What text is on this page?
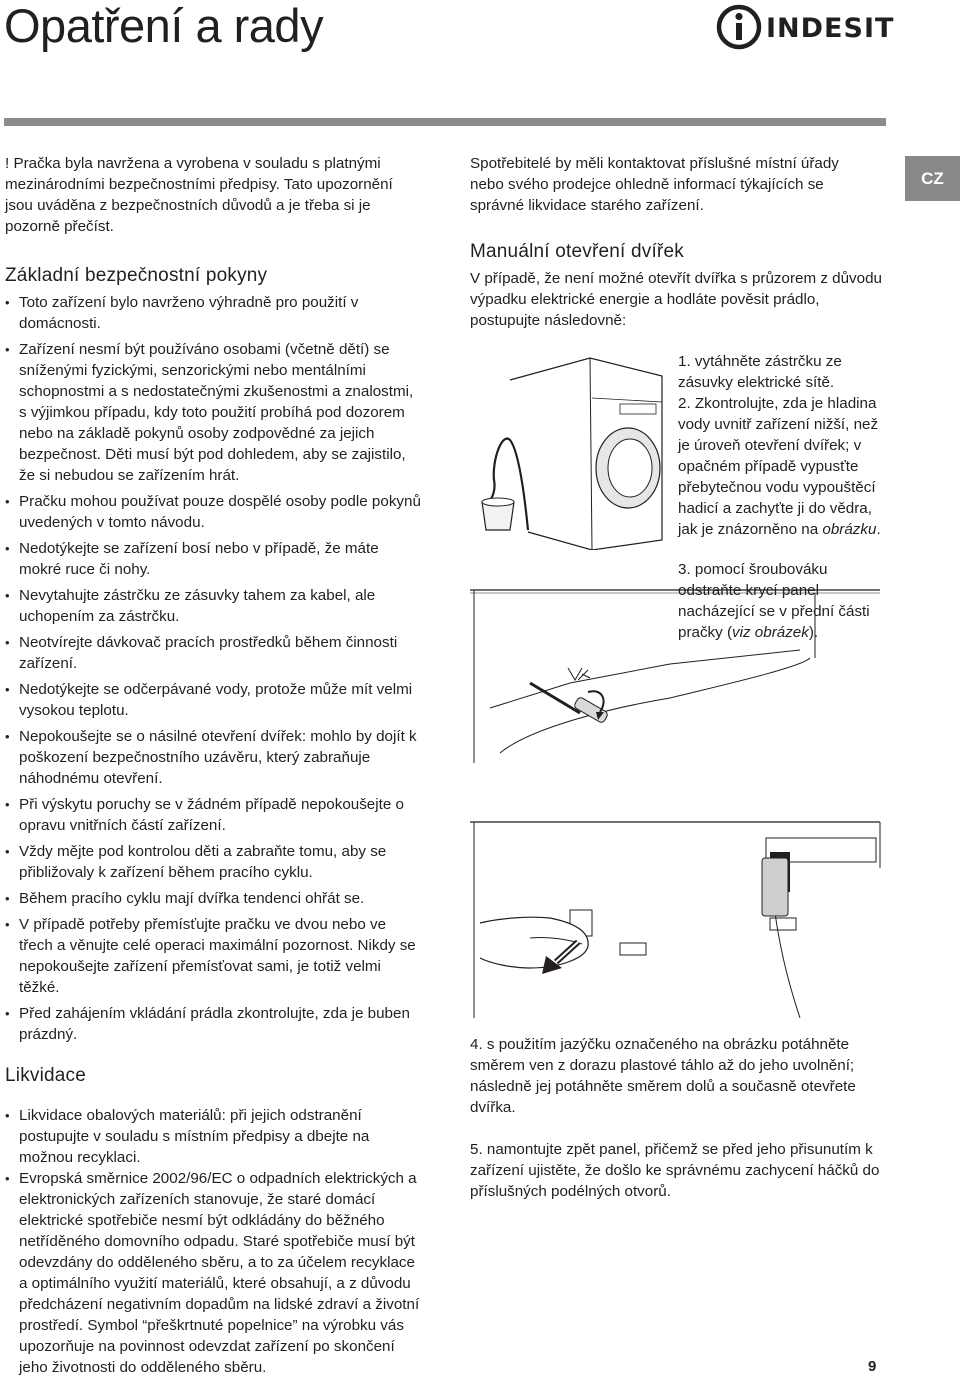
Opatření a rady	INDESIT
CZ

! Pračka byla navržena a vyrobena v souladu s platnými mezinárodními bezpečnostními předpisy. Tato upozornění jsou uváděna z bezpečnostních důvodů a je třeba si je pozorně přečíst.

Základní bezpečnostní pokyny
• Toto zařízení bylo navrženo výhradně pro použití v domácnosti.
• Zařízení nesmí být používáno osobami (včetně dětí) se sníženými fyzickými, senzorickými nebo mentálními schopnostmi a s nedostatečnými zkušenostmi a znalostmi, s výjimkou případu, kdy toto použití probíhá pod dozorem nebo na základě pokynů osoby zodpovědné za jejich bezpečnost. Děti musí být pod dohledem, aby se zajistilo, že si nebudou se zařízením hrát.
• Pračku mohou používat pouze dospělé osoby podle pokynů uvedených v tomto návodu.
• Nedotýkejte se zařízení bosí nebo v případě, že máte mokré ruce či nohy.
• Nevytahujte zástrčku ze zásuvky tahem za kabel, ale uchopením za zástrčku.
• Neotvírejte dávkovač pracích prostředků během činnosti zařízení.
• Nedotýkejte se odčerpávané vody, protože může mít velmi vysokou teplotu.
• Nepokoušejte se o násilné otevření dvířek: mohlo by dojít k poškození bezpečnostního uzávěru, který zabraňuje náhodnému otevření.
• Při výskytu poruchy se v žádném případě nepokoušejte o opravu vnitřních částí zařízení.
• Vždy mějte pod kontrolou děti a zabraňte tomu, aby se přibližovaly k zařízení během pracího cyklu.
• Během pracího cyklu mají dvířka tendenci ohřát se.
• V případě potřeby přemísťujte pračku ve dvou nebo ve třech a věnujte celé operaci maximální pozornost. Nikdy se nepokoušejte zařízení přemísťovat sami, je totiž velmi těžké.
• Před zahájením vkládání prádla zkontrolujte, zda je buben prázdný.
Likvidace
• Likvidace obalových materiálů: při jejich odstranění postupujte v souladu s místním předpisy a dbejte na možnou recyklaci.
• Evropská směrnice 2002/96/EC o odpadních elektrických a elektronických zařízeních stanovuje, že staré domácí elektrické spotřebiče nesmí být odkládány do běžného netříděného domovního odpadu. Staré spotřebiče musí být odevzdány do odděleného sběru, a to za účelem recyklace a optimálního využití materiálů, které obsahují, a z důvodu předcházení negativním dopadům na lidské zdraví a životní prostředí. Symbol “přeškrtnuté popelnice” na výrobku vás upozorňuje na povinnost odevzdat zařízení po skončení jeho životnosti do odděleného sběru.

Spotřebitelé by měli kontaktovat příslušné místní úřady nebo svého prodejce ohledně informací týkajících se správné likvidace starého zařízení.

Manuální otevření dvířek

V případě, že není možné otevřít dvířka s průzorem z důvodu výpadku elektrické energie a hodláte pověsit prádlo, postupujte následovně:

1. vytáhněte zástrčku ze zásuvky elektrické sítě.

2. Zkontrolujte, zda je hladina vody uvnitř zařízení nižší, než je úroveň otevření dvířek; v opačném případě vypusťte přebytečnou vodu vypouštěcí hadicí a zachyťte ji do vědra, jak je znázorněno na obrázku.

3. pomocí šroubováku odstraňte krycí panel nacházející se v přední části pračky (viz obrázek).

4. s použitím jazýčku označeného na obrázku potáhněte směrem ven z dorazu plastové táhlo až do jeho uvolnění; následně jej potáhněte směrem dolů a současně otevřete dvířka.

5. namontujte zpět panel, přičemž se před jeho přisunutím k zařízení ujistěte, že došlo ke správnému zachycení háčků do příslušných podélných otvorů.

9
